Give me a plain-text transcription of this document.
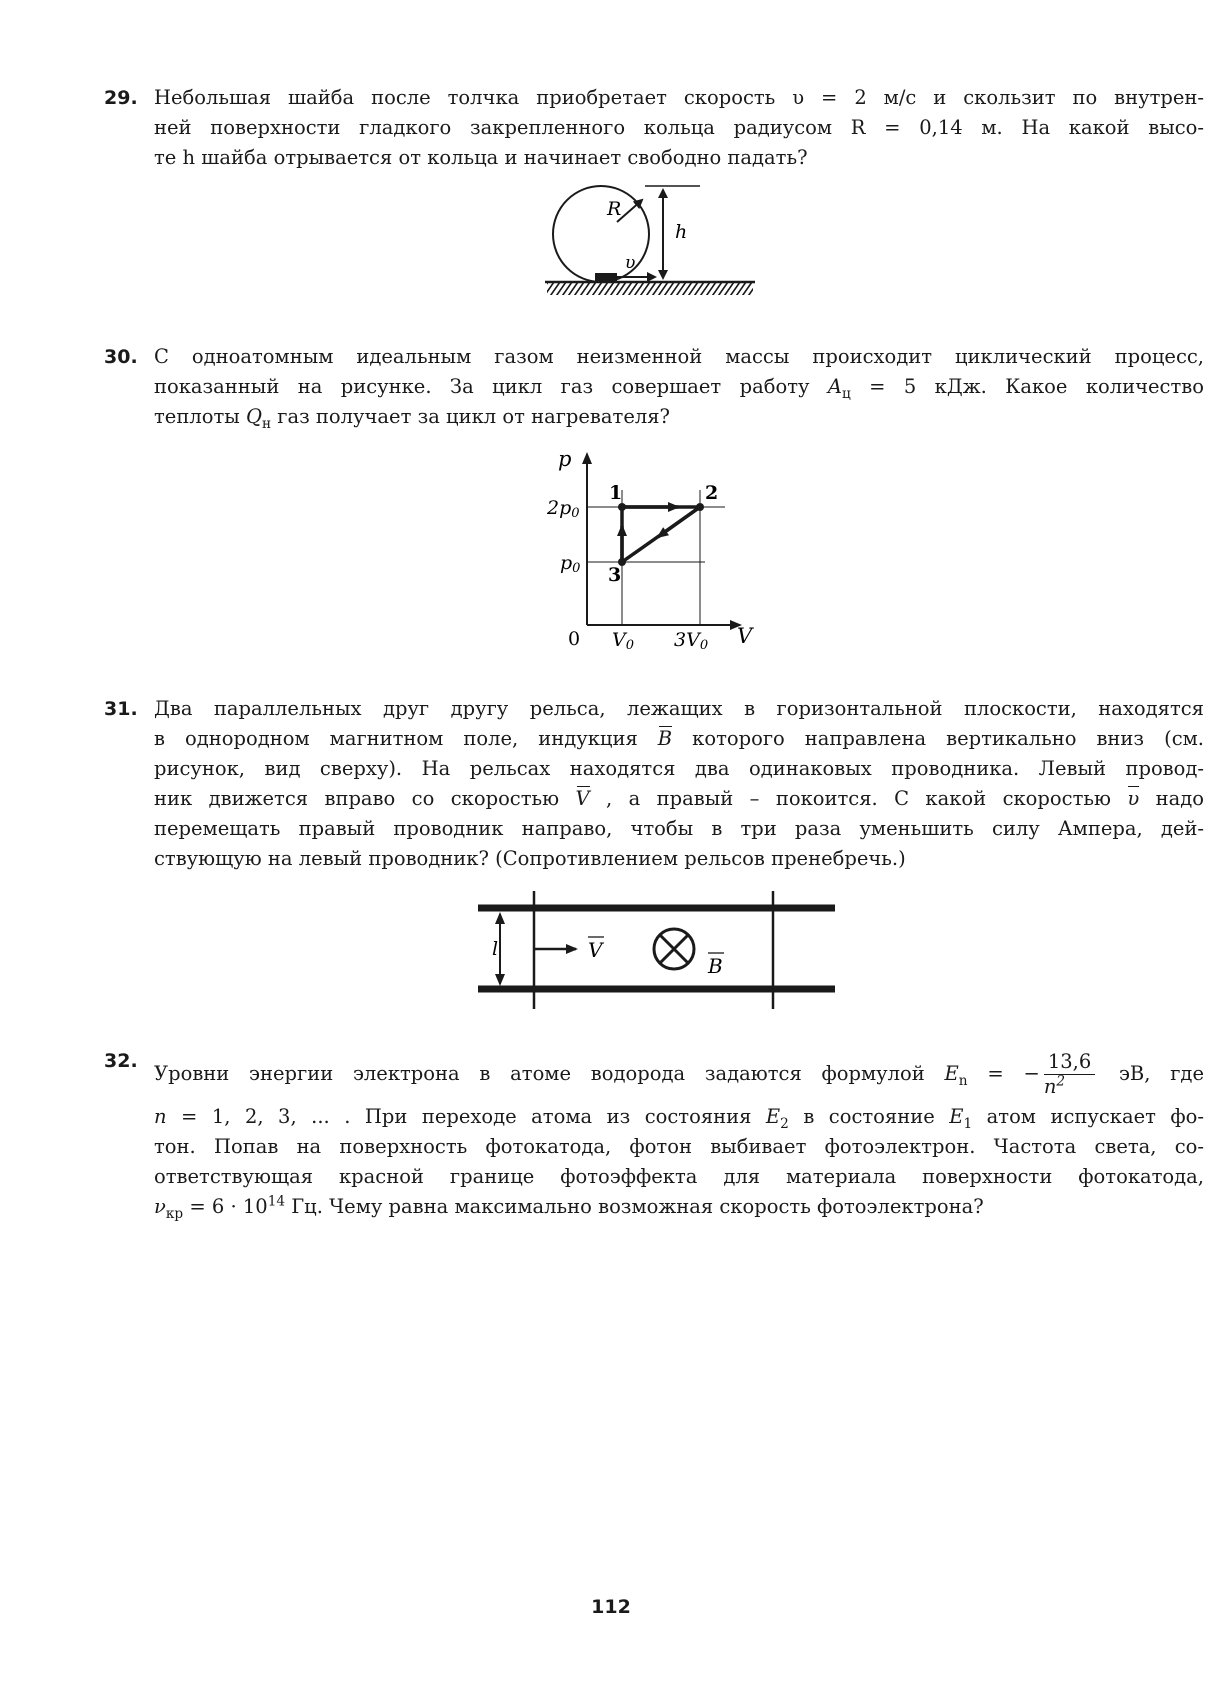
29. Небольшая шайба после толчка приобретает скорость υ = 2 м/с и скользит по внутрен-
ней поверхности гладкого закрепленного кольца радиусом R = 0,14 м. На какой высо-
те h шайба отрывается от кольца и начинает свободно падать?
υ
R
h
30. С одноатомным идеальным газом неизменной массы происходит циклический процесс,
показанный на рисунке. За цикл газ совершает работу $A_ц = 5$ кДж. Какое количество
теплоты $Q_н$ газ получает за цикл от нагревателя?
p
V
0
2p0
p0
V0 3V0
1	2
3
31. Два параллельных друг другу рельса, лежащих в горизонтальной плоскости, находятся
в однородном магнитном поле, индукция B которого направлена вертикально вниз (см.
рисунок, вид сверху). На рельсах находятся два одинаковых проводника. Левый провод-
ник движется вправо со скоростью V , а правый – покоится. С какой скоростью υ надо
перемещать правый проводник направо, чтобы в три раза уменьшить силу Ампера, дей-
ствующую на левый проводник? (Сопротивлением рельсов пренебречь.)
l	V
B
32.
Уровни энергии электрона в атоме водорода задаются формулой $E_n$ = − $\frac{13,6}{n^2}$ эВ, где
n = 1, 2, 3, ... . При переходе атома из состояния $E_2$ в состояние $E_1$ атом испускает фо-
тон. Попав на поверхность фотокатода, фотон выбивает фотоэлектрон. Частота света, со-
ответствующая красной границе фотоэффекта для материала поверхности фотокатода,
$\nu_{кр} = 6 \cdot 10^{14}$ Гц. Чему равна максимально возможная скорость фотоэлектрона?
112
